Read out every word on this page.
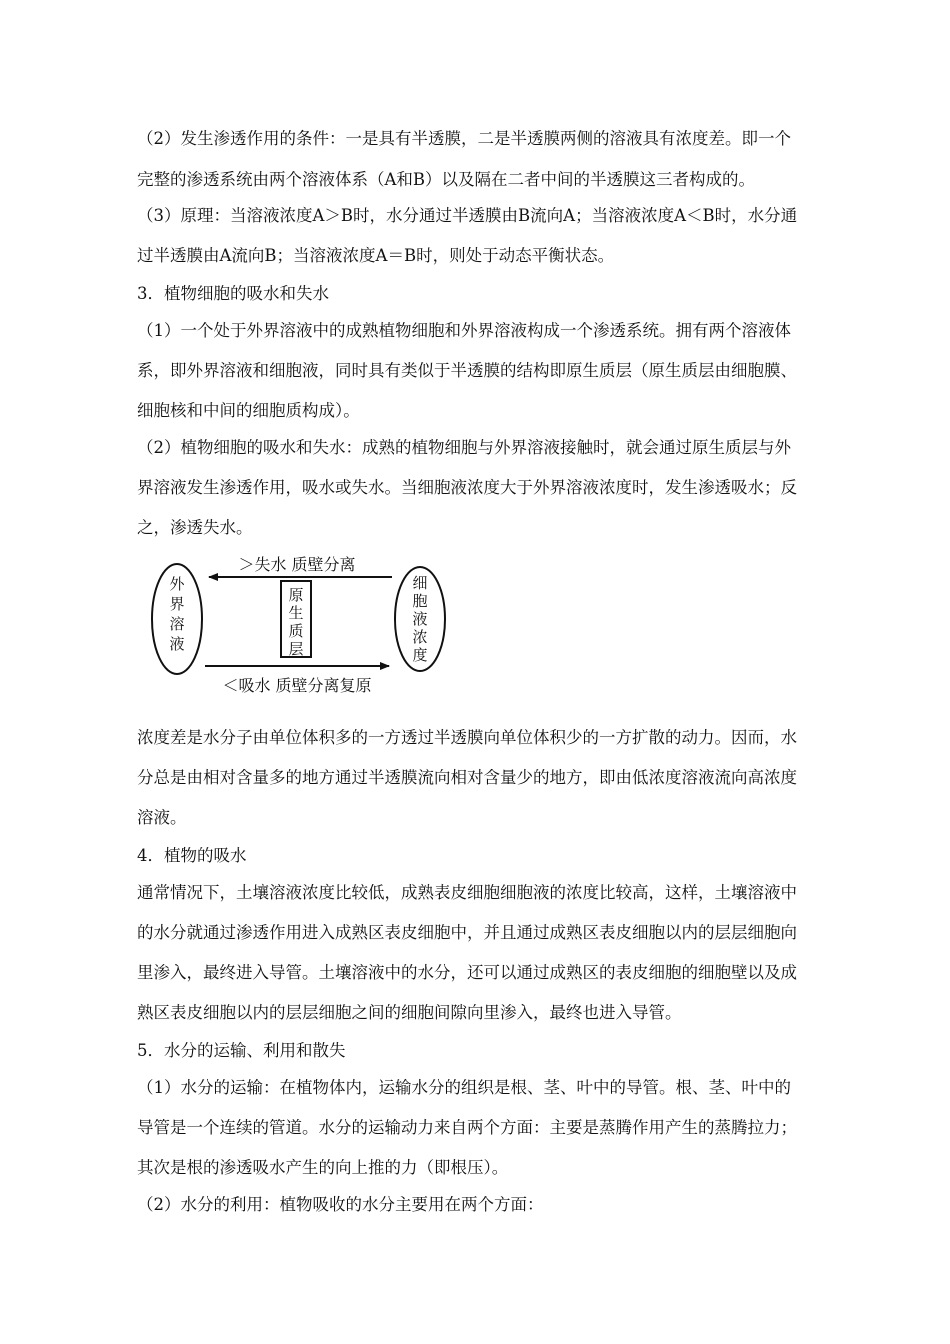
（2）发生渗透作用的条件：一是具有半透膜，二是半透膜两侧的溶液具有浓度差。即一个
完整的渗透系统由两个溶液体系（A和B）以及隔在二者中间的半透膜这三者构成的。
（3）原理：当溶液浓度A＞B时，水分通过半透膜由B流向A；当溶液浓度A＜B时，水分通
过半透膜由A流向B；当溶液浓度A＝B时，则处于动态平衡状态。
3．植物细胞的吸水和失水
（1）一个处于外界溶液中的成熟植物细胞和外界溶液构成一个渗透系统。拥有两个溶液体
系，即外界溶液和细胞液，同时具有类似于半透膜的结构即原生质层（原生质层由细胞膜、
细胞核和中间的细胞质构成）。
（2）植物细胞的吸水和失水：成熟的植物细胞与外界溶液接触时，就会通过原生质层与外
界溶液发生渗透作用，吸水或失水。当细胞液浓度大于外界溶液浓度时，发生渗透吸水；反
之，渗透失水。
＞失水 质壁分离
＜吸水 质壁分离复原
外
界
溶
液
原
生
质
层
细
胞
液
浓
度
浓度差是水分子由单位体积多的一方透过半透膜向单位体积少的一方扩散的动力。因而，水
分总是由相对含量多的地方通过半透膜流向相对含量少的地方，即由低浓度溶液流向高浓度
溶液。
4．植物的吸水
通常情况下，土壤溶液浓度比较低，成熟表皮细胞细胞液的浓度比较高，这样，土壤溶液中
的水分就通过渗透作用进入成熟区表皮细胞中，并且通过成熟区表皮细胞以内的层层细胞向
里渗入，最终进入导管。土壤溶液中的水分，还可以通过成熟区的表皮细胞的细胞壁以及成
熟区表皮细胞以内的层层细胞之间的细胞间隙向里渗入，最终也进入导管。
5．水分的运输、利用和散失
（1）水分的运输：在植物体内，运输水分的组织是根、茎、叶中的导管。根、茎、叶中的
导管是一个连续的管道。水分的运输动力来自两个方面：主要是蒸腾作用产生的蒸腾拉力；
其次是根的渗透吸水产生的向上推的力（即根压）。
（2）水分的利用：植物吸收的水分主要用在两个方面：
